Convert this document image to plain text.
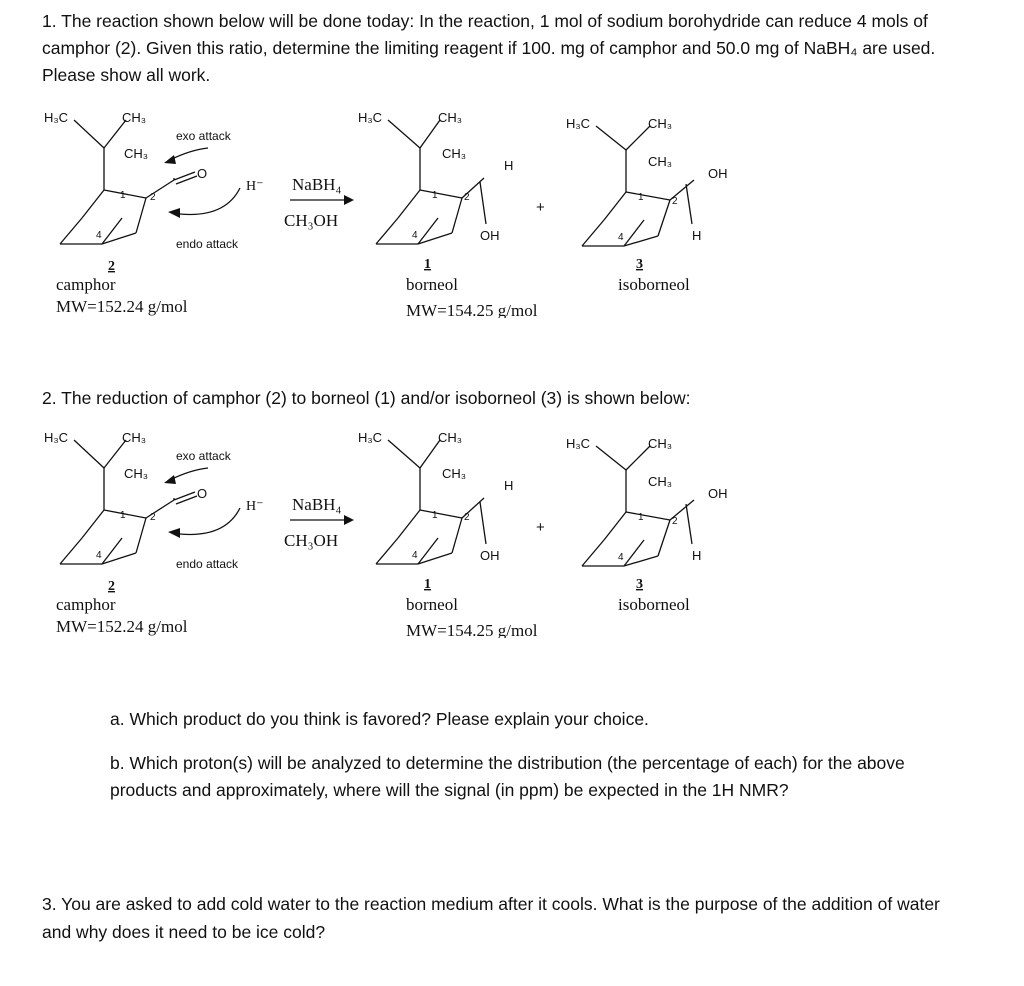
1. The reaction shown below will be done today: In the reaction, 1 mol of sodium borohydride can reduce 4 mols of camphor (2). Given this ratio, determine the limiting reagent if 100. mg of camphor and 50.0 mg of NaBH₄ are used. Please show all work.
H₃C	CH₃
CH₃
O
1 2
4
exo attack
endo attack
H⁻
2
camphor
MW=152.24 g/mol
NaBH₄
CH₃OH
H₃C	CH₃
CH₃
H
OH
1	2
4
1
borneol
MW=154.25 g/mol
+
H₃C	CH₃
CH₃
OH
H
1	2
4
3
isoborneol
2. The reduction of camphor (2) to borneol (1) and/or isoborneol (3) is shown below:
H₃C	CH₃
CH₃
O
1 2
4
exo attack
endo attack
H⁻
2
camphor
MW=152.24 g/mol
NaBH₄
CH₃OH
H₃C	CH₃
CH₃
H
OH
1	2
4
1
borneol
MW=154.25 g/mol
+
H₃C	CH₃
CH₃
OH
H
1	2
4
3
isoborneol
a. Which product do you think is favored? Please explain your choice.
b. Which proton(s) will be analyzed to determine the distribution (the percentage of each) for the above products and approximately, where will the signal (in ppm) be expected in the 1H NMR?
3. You are asked to add cold water to the reaction medium after it cools. What is the purpose of the addition of water and why does it need to be ice cold?
